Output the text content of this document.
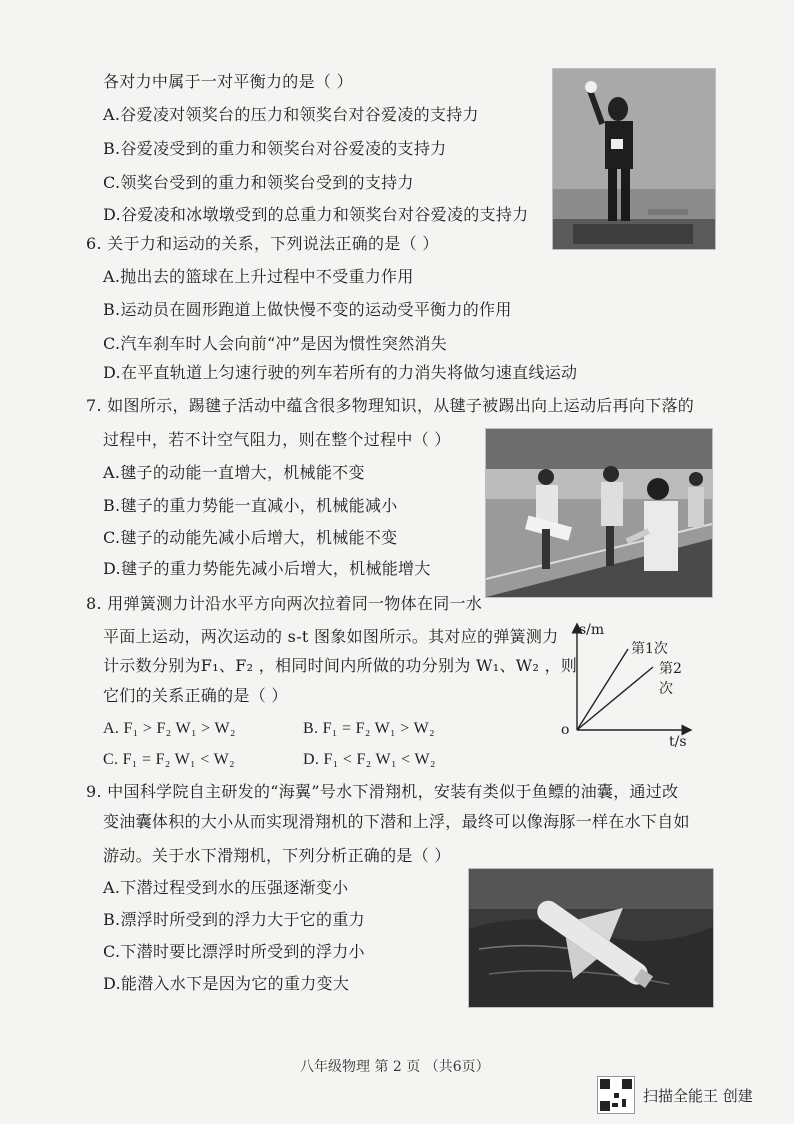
各对力中属于一对平衡力的是（ ）
A.谷爱凌对领奖台的压力和领奖台对谷爱凌的支持力
B.谷爱凌受到的重力和领奖台对谷爱凌的支持力
C.领奖台受到的重力和领奖台受到的支持力
D.谷爱凌和冰墩墩受到的总重力和领奖台对谷爱凌的支持力
6. 关于力和运动的关系，下列说法正确的是（ ）
A.抛出去的篮球在上升过程中不受重力作用
B.运动员在圆形跑道上做快慢不变的运动受平衡力的作用
C.汽车刹车时人会向前“冲”是因为惯性突然消失
D.在平直轨道上匀速行驶的列车若所有的力消失将做匀速直线运动
7. 如图所示，踢毽子活动中蕴含很多物理知识，从毽子被踢出向上运动后再向下落的
过程中，若不计空气阻力，则在整个过程中（ ）
A.毽子的动能一直增大，机械能不变
B.毽子的重力势能一直减小，机械能减小
C.毽子的动能先减小后增大，机械能不变
D.毽子的重力势能先减小后增大，机械能增大
8. 用弹簧测力计沿水平方向两次拉着同一物体在同一水
平面上运动，两次运动的 s-t 图象如图所示。其对应的弹簧测力
计示数分别为F₁、F₂ ，相同时间内所做的功分别为 W₁、W₂ ，则
它们的关系正确的是（ ）
A. F₁ > F₂ W₁ > W₂	B. F₁ = F₂ W₁ > W₂
C. F₁ = F₂ W₁ < W₂	D. F₁ < F₂ W₁ < W₂
s/m
t/s
o
第1次
第2次
9. 中国科学院自主研发的“海翼”号水下滑翔机，安装有类似于鱼鳔的油囊，通过改
变油囊体积的大小从而实现滑翔机的下潜和上浮，最终可以像海豚一样在水下自如
游动。关于水下滑翔机，下列分析正确的是（ ）
A.下潜过程受到水的压强逐渐变小
B.漂浮时所受到的浮力大于它的重力
C.下潜时要比漂浮时所受到的浮力小
D.能潜入水下是因为它的重力变大
八年级物理 第 2 页 （共6页）
扫描全能王 创建
